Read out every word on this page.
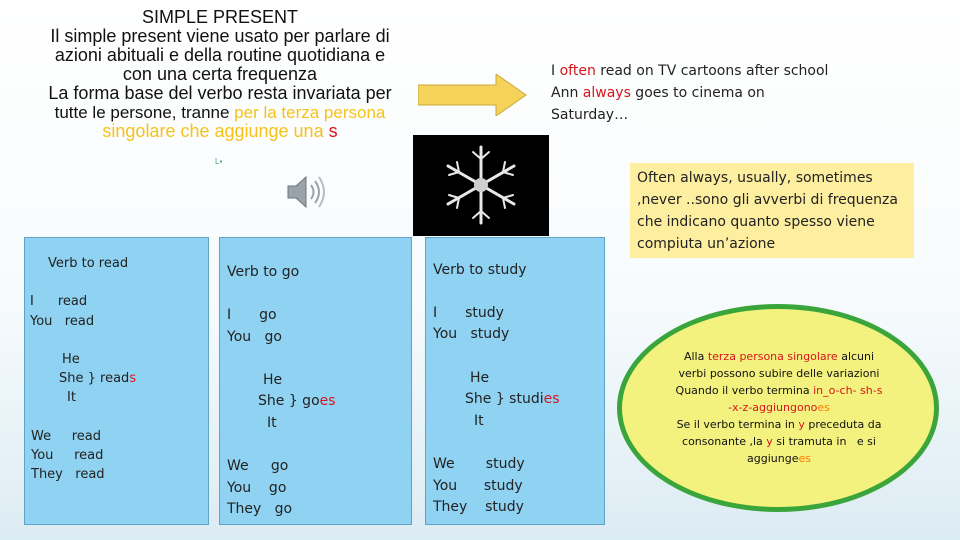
SIMPLE PRESENT
Il simple present viene usato per parlare di
azioni abituali e della routine quotidiana e
con una certa frequenza
La forma base del verbo resta invariata per
tutte le persone, tranne per la terza persona
singolare che aggiunge una s
I often read on TV cartoons after school
Ann always goes to cinema on
Saturday…
L▪
Often always, usually, sometimes
,never ..sono gli avverbi di frequenza
che indicano quanto spesso viene
compiuta un’azione
Verb to read
I read
You   read
He
She } reads
It
We     read
You     read
They   read
Verb to go
I go
You   go
He
She } goes
It
We     go
You    go
They   go
Verb to study
I study
You   study
He
She } studies
It
We       study
You      study
They    study
Alla terza persona singolare alcuni
verbi possono subire delle variazioni
Quando il verbo termina in_o-ch- sh-s
-x-z-aggiungonoes
Se il verbo termina in y preceduta da
consonante ,la y si tramuta in   e si
aggiungees
